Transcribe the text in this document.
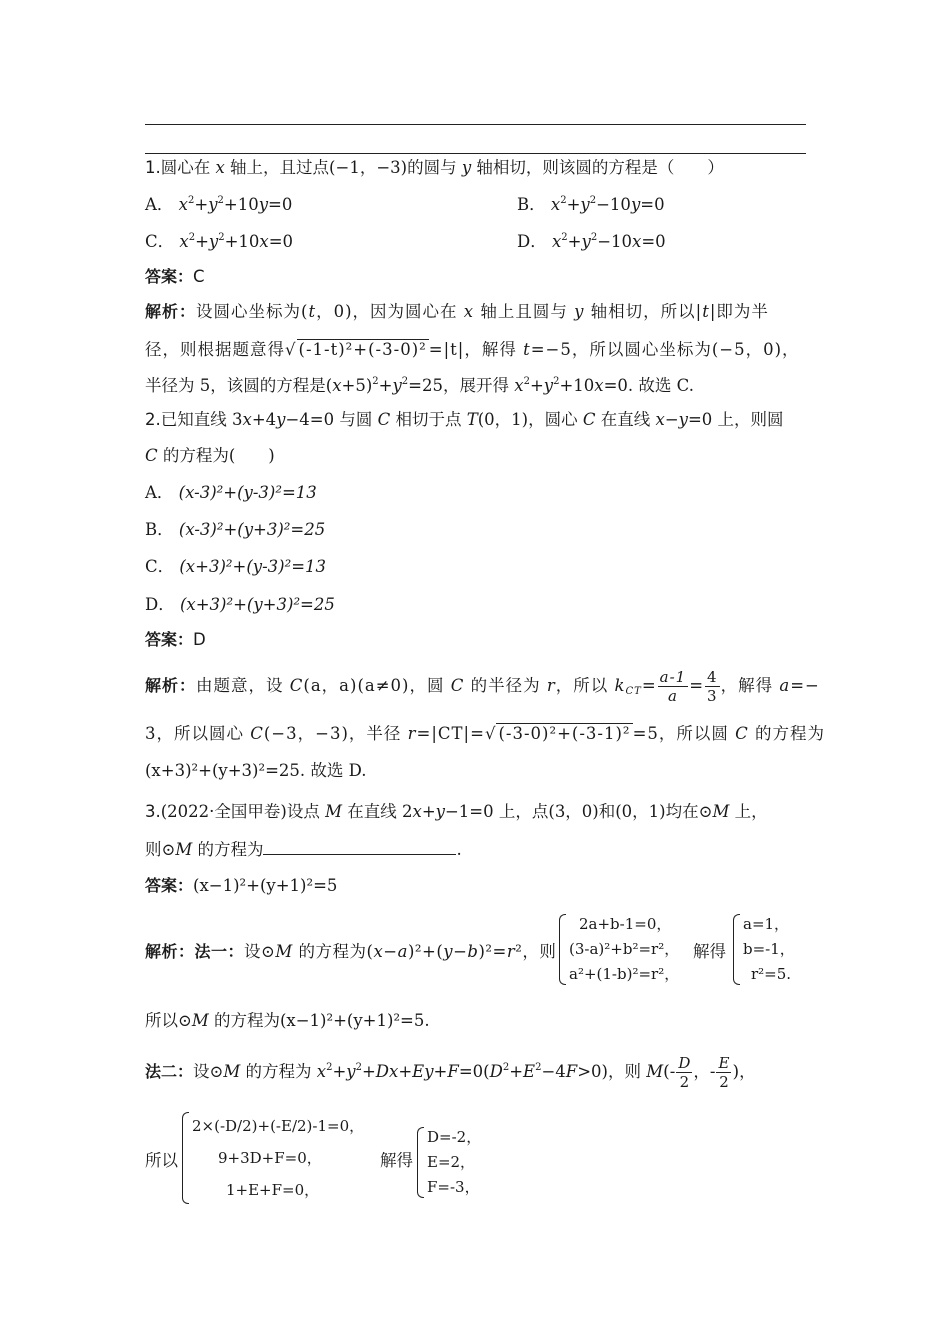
1.圆心在 x 轴上，且过点(−1，−3)的圆与 y 轴相切，则该圆的方程是（　　）
A． $x^2+y^2+10y=0$	B． $x^2+y^2-10y=0$
C． $x^2+y^2+10x=0$	D． $x^2+y^2-10x=0$
答案：C
解析：设圆心坐标为(t，0)，因为圆心在 x 轴上且圆与 y 轴相切，所以|t|即为半
径，则根据题意得√ (-1-t)²+(-3-0)² =|t|，解得 t=−5，所以圆心坐标为(−5，0)，
半径为 5，该圆的方程是$(x+5)^2+y^2=25$，展开得 $x^2+y^2+10x=0$. 故选 C.
2.已知直线 3x+4y−4=0 与圆 C 相切于点 T(0，1)，圆心 C 在直线 x−y=0 上，则圆
C 的方程为(　　)
A． (x-3)²+(y-3)²=13
B． (x-3)²+(y+3)²=25
C． (x+3)²+(y-3)²=13
D． (x+3)²+(y+3)²=25
答案：D
解析：由题意，设 C(a，a)(a≠0)，圆 C 的半径为 r，所以 $k_{CT}= \frac{a-1}{a} = \frac{4}{3}$ ，解得 a=−
3，所以圆心 C(−3，−3)，半径 r=|CT|=√ (-3-0)²+(-3-1)² =5，所以圆 C 的方程为
(x+3)²+(y+3)²=25. 故选 D.
3.(2022·全国甲卷)设点 M 在直线 2x+y−1=0 上，点(3，0)和(0，1)均在⊙M 上，
则⊙M 的方程为	.
答案：(x−1)²+(y+1)²=5
解析：法一：设⊙M 的方程为(x−a)²+(y−b)²=r²，则
2a+b-1=0，
(3-a)²+b²=r²，
a²+(1-b)²=r²，
解得
a=1，
b=-1，
r²=5.
所以⊙M 的方程为(x−1)²+(y+1)²=5.
法二：设⊙M 的方程为 $x^2+y^2+Dx+Ey+F=0(D^2+E^2-4F>0)$，则 $M(- \frac{D}{2}$ ，- $\frac{E}{2}$ )，
所以
2×(-D/2)+(-E/2)-1=0，
9+3D+F=0，
1+E+F=0，
解得
D=-2，
E=2，
F=-3，
